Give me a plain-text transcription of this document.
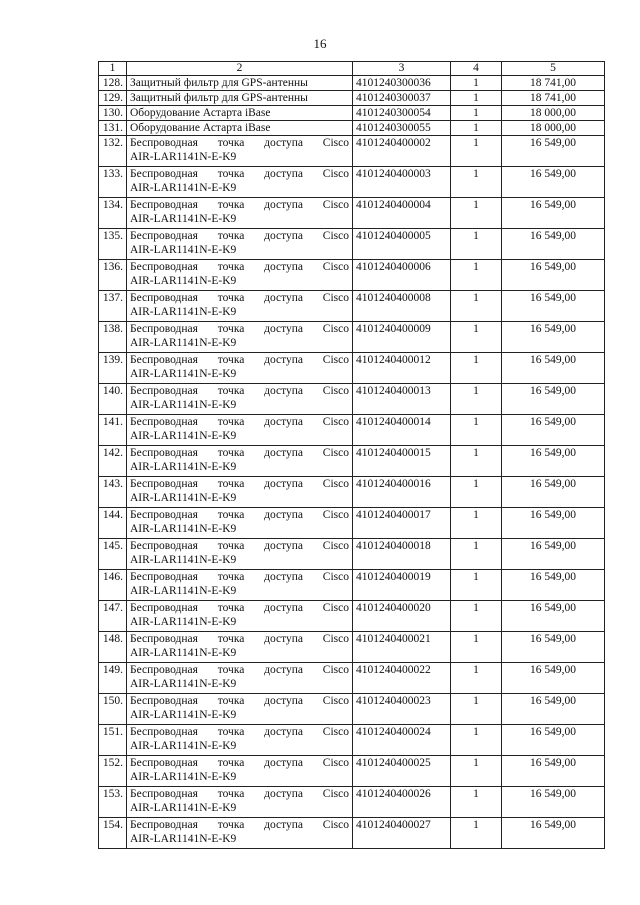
16
1	2	3	4	5
128.	Защитный фильтр для GPS-антенны	4101240300036	1	18 741,00
129.	Защитный фильтр для GPS-антенны	4101240300037	1	18 741,00
130.	Оборудование Астарта iBase	4101240300054	1	18 000,00
131.	Оборудование Астарта iBase	4101240300055	1	18 000,00
132.	Беспроводная точка доступа Cisco
AIR-LAR1141N-E-K9	4101240400002	1	16 549,00
133.	Беспроводная точка доступа Cisco
AIR-LAR1141N-E-K9	4101240400003	1	16 549,00
134.	Беспроводная точка доступа Cisco
AIR-LAR1141N-E-K9	4101240400004	1	16 549,00
135.	Беспроводная точка доступа Cisco
AIR-LAR1141N-E-K9	4101240400005	1	16 549,00
136.	Беспроводная точка доступа Cisco
AIR-LAR1141N-E-K9	4101240400006	1	16 549,00
137.	Беспроводная точка доступа Cisco
AIR-LAR1141N-E-K9	4101240400008	1	16 549,00
138.	Беспроводная точка доступа Cisco
AIR-LAR1141N-E-K9	4101240400009	1	16 549,00
139.	Беспроводная точка доступа Cisco
AIR-LAR1141N-E-K9	4101240400012	1	16 549,00
140.	Беспроводная точка доступа Cisco
AIR-LAR1141N-E-K9	4101240400013	1	16 549,00
141.	Беспроводная точка доступа Cisco
AIR-LAR1141N-E-K9	4101240400014	1	16 549,00
142.	Беспроводная точка доступа Cisco
AIR-LAR1141N-E-K9	4101240400015	1	16 549,00
143.	Беспроводная точка доступа Cisco
AIR-LAR1141N-E-K9	4101240400016	1	16 549,00
144.	Беспроводная точка доступа Cisco
AIR-LAR1141N-E-K9	4101240400017	1	16 549,00
145.	Беспроводная точка доступа Cisco
AIR-LAR1141N-E-K9	4101240400018	1	16 549,00
146.	Беспроводная точка доступа Cisco
AIR-LAR1141N-E-K9	4101240400019	1	16 549,00
147.	Беспроводная точка доступа Cisco
AIR-LAR1141N-E-K9	4101240400020	1	16 549,00
148.	Беспроводная точка доступа Cisco
AIR-LAR1141N-E-K9	4101240400021	1	16 549,00
149.	Беспроводная точка доступа Cisco
AIR-LAR1141N-E-K9	4101240400022	1	16 549,00
150.	Беспроводная точка доступа Cisco
AIR-LAR1141N-E-K9	4101240400023	1	16 549,00
151.	Беспроводная точка доступа Cisco
AIR-LAR1141N-E-K9	4101240400024	1	16 549,00
152.	Беспроводная точка доступа Cisco
AIR-LAR1141N-E-K9	4101240400025	1	16 549,00
153.	Беспроводная точка доступа Cisco
AIR-LAR1141N-E-K9	4101240400026	1	16 549,00
154.	Беспроводная точка доступа Cisco
AIR-LAR1141N-E-K9	4101240400027	1	16 549,00
